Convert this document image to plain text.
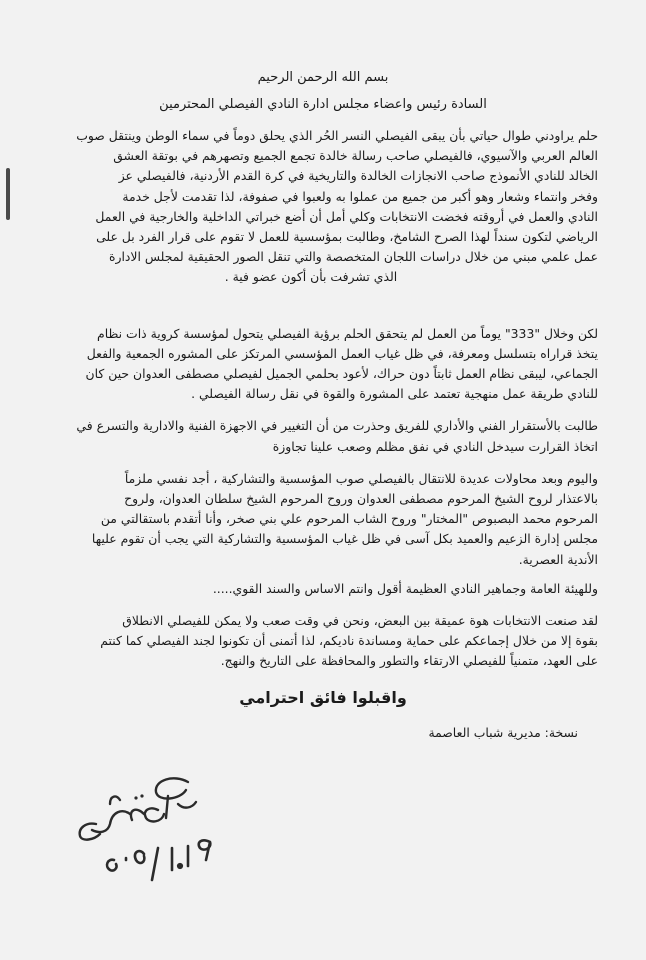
بسم الله الرحمن الرحيم
السادة رئيس واعضاء مجلس ادارة النادي الفيصلي المحترمين
حلم يراودني طوال حياتي بأن يبقى الفيصلي النسر الحُر الذي يحلق دوماً في سماء الوطن وينتقل صوب
العالم العربي والآسيوي، فالفيصلي صاحب رسالة خالدة تجمع الجميع وتصهرهم في بوتقة العشق
الخالد للنادي الأنموذج صاحب الانجازات الخالدة والتاريخية في كرة القدم الأردنية، فالفيصلي عز
وفخر وانتماء وشعار وهو أكبر من جميع من عملوا به ولعبوا في صفوفة، لذا تقدمت لأجل خدمة
النادي والعمل في أروقته فخضت الانتخابات وكلي أمل أن أضع خبراتي الداخلية والخارجية في العمل
الرياضي لتكون سنداً لهذا الصرح الشامخ، وطالبت بمؤسسية للعمل لا تقوم على قرار الفرد بل على
عمل علمي مبني من خلال دراسات اللجان المتخصصة والتي تنقل الصور الحقيقية لمجلس الادارة
الذي تشرفت بأن أكون عضو فية .
لكن وخلال "333" يوماً من العمل لم يتحقق الحلم برؤية الفيصلي يتحول لمؤسسة كروية ذات نظام
يتخذ قراراه بتسلسل ومعرفة، في ظل غياب العمل المؤسسي المرتكز على المشوره الجمعية والفعل
الجماعي، ليبقى نظام العمل ثابتاً دون حراك، لأعود بحلمي الجميل لفيصلي مصطفى العدوان حين كان
للنادي طريقة عمل منهجية تعتمد على المشورة والقوة في نقل رسالة الفيصلي .
طالبت بالأستقرار الفني والأداري للفريق وحذرت من أن التغيير في الاجهزة الفنية والادارية والتسرع في
اتخاذ القرارت سيدخل النادي في نفق مظلم وصعب علينا تجاوزة
واليوم وبعد محاولات عديدة للانتقال بالفيصلي صوب المؤسسية والتشاركية ، أجد نفسي ملزماً
بالاعتذار لروح الشيخ المرحوم مصطفى العدوان وروح المرحوم الشيخ سلطان العدوان، ولروح
المرحوم محمد البصبوص "المختار" وروح الشاب المرحوم علي بني صخر، وأنا أتقدم باستقالتي من
مجلس إدارة الزعيم والعميد بكل آسى في ظل غياب المؤسسية والتشاركية التي يجب أن تقوم عليها
الأندية العصرية.
وللهيئة العامة وجماهير النادي العظيمة أقول وانتم الاساس والسند القوي.....
لقد صنعت الانتخابات هوة عميقة بين البعض، ونحن في وقت صعب ولا يمكن للفيصلي الانطلاق
بقوة إلا من خلال إجماعكم على حماية ومساندة ناديكم، لذا أتمنى أن تكونوا لجند الفيصلي كما كنتم
على العهد، متمنياً للفيصلي الارتقاء والتطور والمحافظة على التاريخ والنهج.
واقبلوا فائق احترامي
نسخة: مديرية شباب العاصمة
